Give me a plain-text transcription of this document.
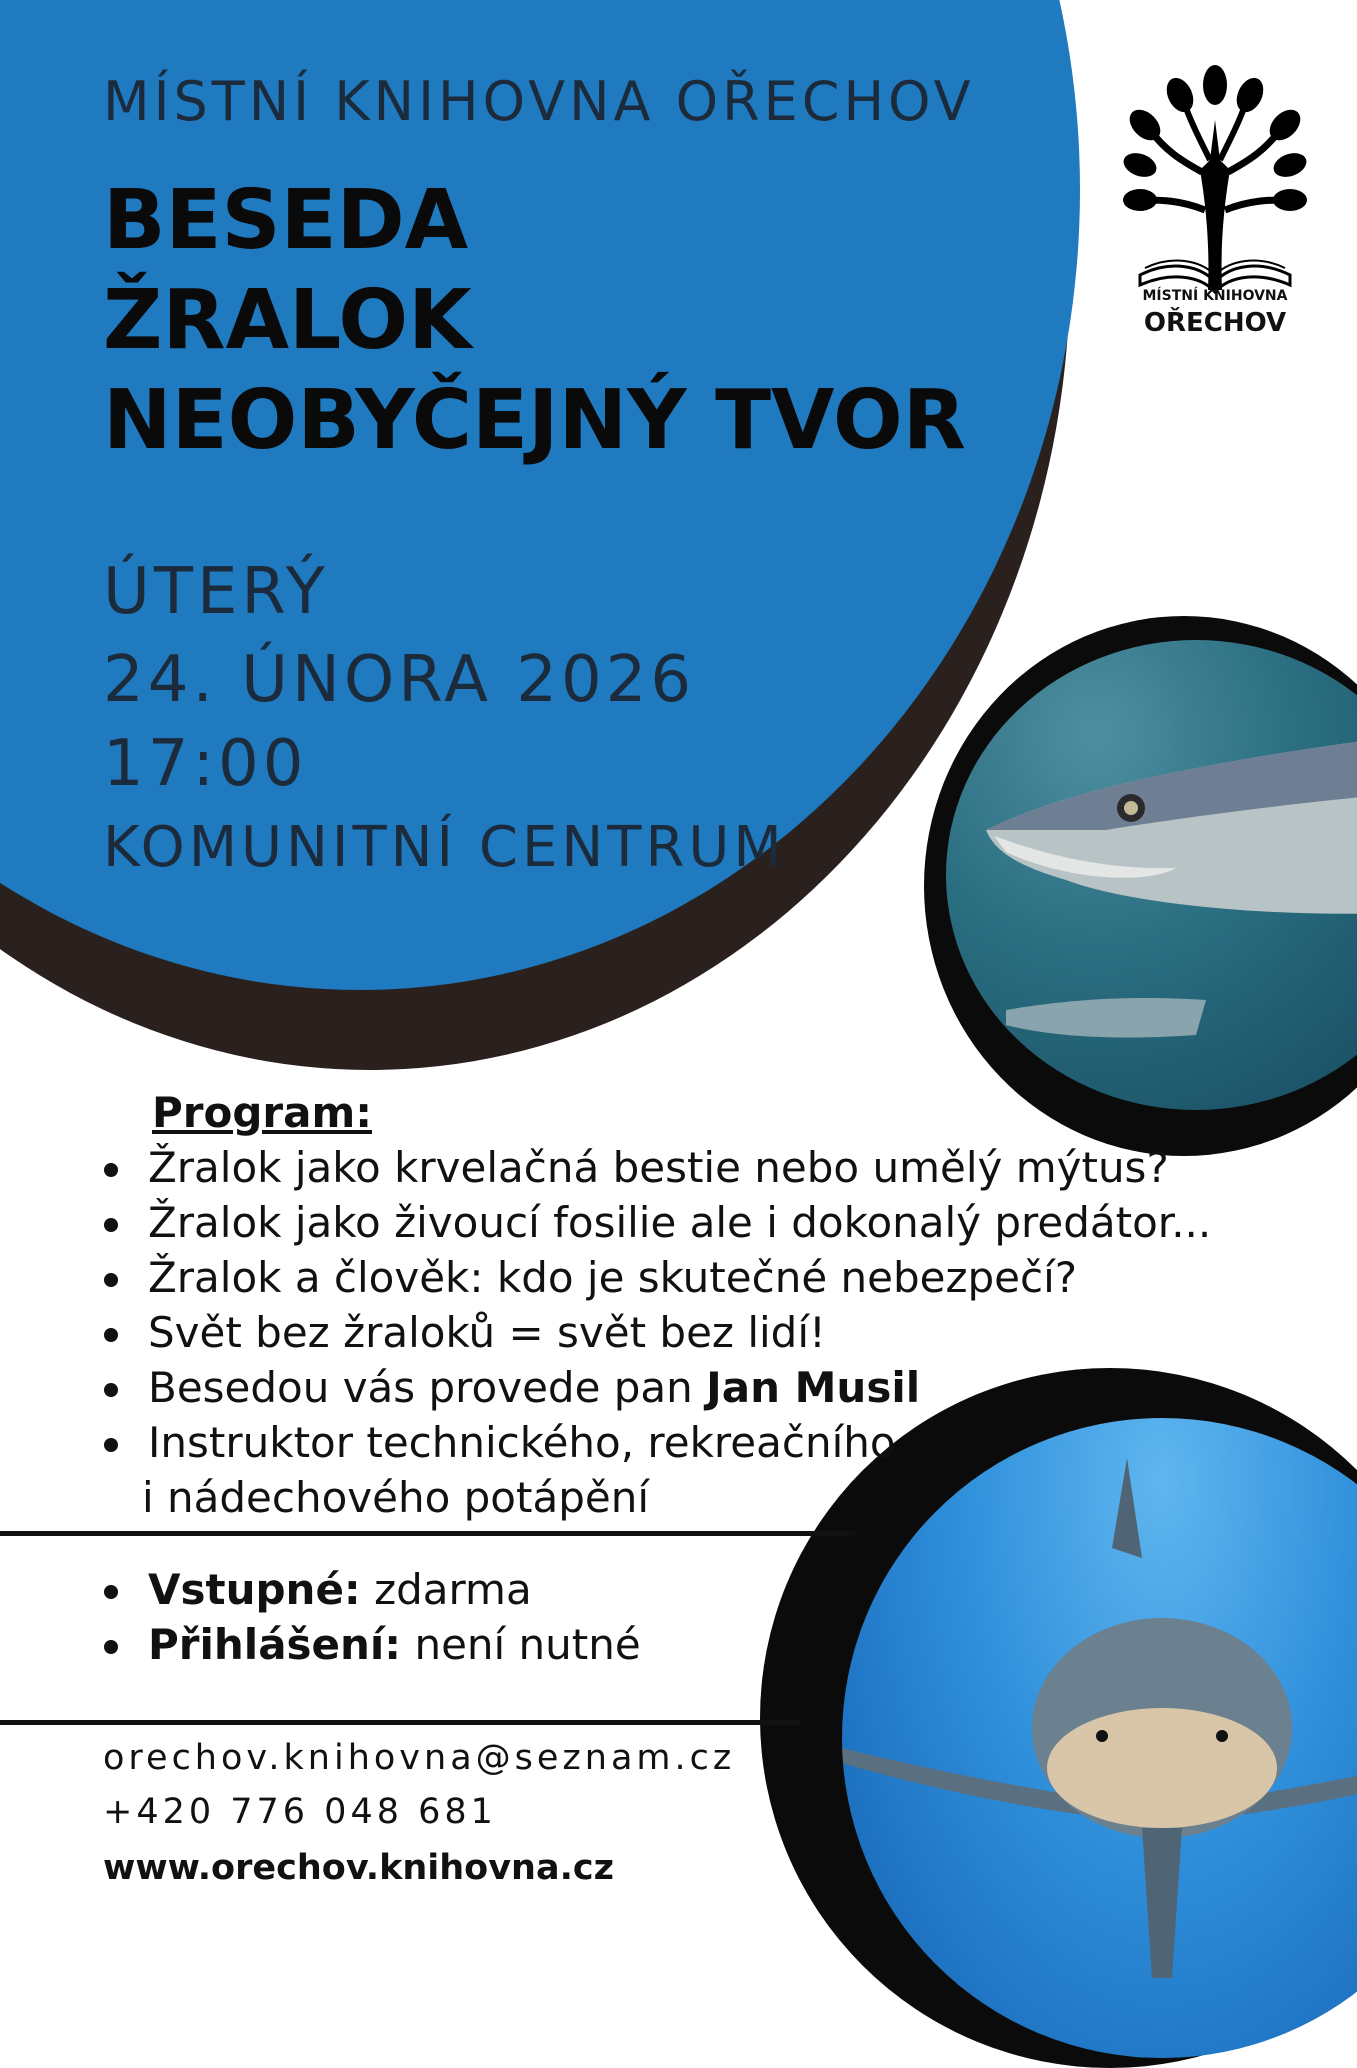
MÍSTNÍ KNIHOVNA OŘECHOV
BESEDA
ŽRALOK
NEOBYČEJNÝ TVOR
ÚTERÝ
24. ÚNORA 2026
17:00
KOMUNITNÍ CENTRUM
MÍSTNÍ KNIHOVNA
OŘECHOV
Program:
Žralok jako krvelačná bestie nebo umělý mýtus?
Žralok jako živoucí fosilie ale i dokonalý predátor...
Žralok a člověk: kdo je skutečné nebezpečí?
Svět bez žraloků = svět bez lidí!
Besedou vás provede pan Jan Musil
Instruktor technického, rekreačního
i nádechového potápění
Vstupné: zdarma
Přihlášení: není nutné
orechov.knihovna@seznam.cz
+420 776 048 681
www.orechov.knihovna.cz
